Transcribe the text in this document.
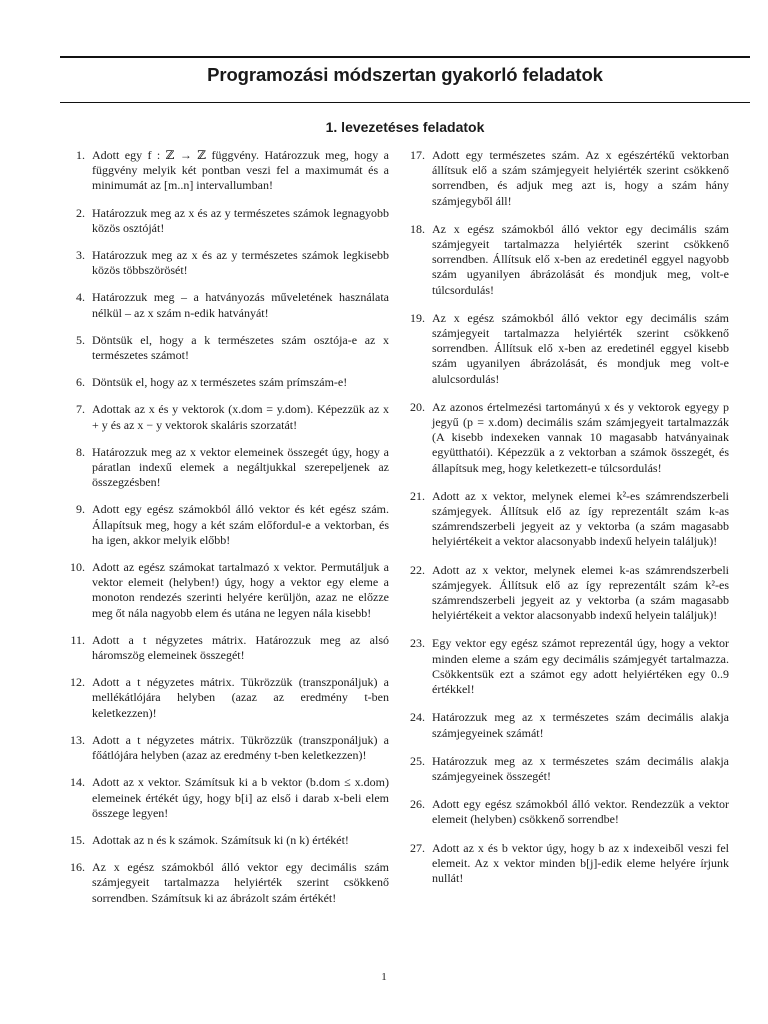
Programozási módszertan gyakorló feladatok
1. levezetéses feladatok
1. Adott egy f : ℤ → ℤ függvény. Határozzuk meg, hogy a függvény melyik két pontban veszi fel a maximumát és a minimumát az [m..n] intervallumban!
2. Határozzuk meg az x és az y természetes számok legnagyobb közös osztóját!
3. Határozzuk meg az x és az y természetes számok legkisebb közös többszörösét!
4. Határozzuk meg – a hatványozás műveletének használata nélkül – az x szám n-edik hatványát!
5. Döntsük el, hogy a k természetes szám osztója-e az x természetes számot!
6. Döntsük el, hogy az x természetes szám prímszám-e!
7. Adottak az x és y vektorok (x.dom = y.dom). Képezzük az x + y és az x − y vektorok skaláris szorzatát!
8. Határozzuk meg az x vektor elemeinek összegét úgy, hogy a páratlan indexű elemek a negáltjukkal szerepeljenek az összegzésben!
9. Adott egy egész számokból álló vektor és két egész szám. Állapítsuk meg, hogy a két szám előfordul-e a vektorban, és ha igen, akkor melyik előbb!
10. Adott az egész számokat tartalmazó x vektor. Permutáljuk a vektor elemeit (helyben!) úgy, hogy a vektor egy eleme a monoton rendezés szerinti helyére kerüljön, azaz ne előzze meg őt nála nagyobb elem és utána ne legyen nála kisebb!
11. Adott a t négyzetes mátrix. Határozzuk meg az alsó háromszög elemeinek összegét!
12. Adott a t négyzetes mátrix. Tükrözzük (transzponáljuk) a mellékátlójára helyben (azaz az eredmény t-ben keletkezzen)!
13. Adott a t négyzetes mátrix. Tükrözzük (transzponáljuk) a főátlójára helyben (azaz az eredmény t-ben keletkezzen)!
14. Adott az x vektor. Számítsuk ki a b vektor (b.dom ≤ x.dom) elemeinek értékét úgy, hogy b[i] az első i darab x-beli elem összege legyen!
15. Adottak az n és k számok. Számítsuk ki (n k) értékét!
16. Az x egész számokból álló vektor egy decimális szám számjegyeit tartalmazza helyiérték szerint csökkenő sorrendben. Számítsuk ki az ábrázolt szám értékét!
17. Adott egy természetes szám. Az x egészértékű vektorban állítsuk elő a szám számjegyeit helyiérték szerint csökkenő sorrendben, és adjuk meg azt is, hogy a szám hány számjegyből áll!
18. Az x egész számokból álló vektor egy decimális szám számjegyeit tartalmazza helyiérték szerint csökkenő sorrendben. Állítsuk elő x-ben az eredetinél eggyel nagyobb szám ugyanilyen ábrázolását és mondjuk meg, volt-e túlcsordulás!
19. Az x egész számokból álló vektor egy decimális szám számjegyeit tartalmazza helyiérték szerint csökkenő sorrendben. Állítsuk elő x-ben az eredetinél eggyel kisebb szám ugyanilyen ábrázolását, és mondjuk meg volt-e alulcsordulás!
20. Az azonos értelmezési tartományú x és y vektorok egyegy p jegyű (p = x.dom) decimális szám számjegyeit tartalmazzák (A kisebb indexeken vannak 10 magasabb hatványainak együtthatói). Képezzük a z vektorban a számok összegét, és állapítsuk meg, hogy keletkezett-e túlcsordulás!
21. Adott az x vektor, melynek elemei k²-es számrendszerbeli számjegyek. Állítsuk elő az így reprezentált szám k-as számrendszerbeli jegyeit az y vektorba (a szám magasabb helyiértékeit a vektor alacsonyabb indexű helyein találjuk)!
22. Adott az x vektor, melynek elemei k-as számrendszerbeli számjegyek. Állítsuk elő az így reprezentált szám k²-es számrendszerbeli jegyeit az y vektorba (a szám magasabb helyiértékeit a vektor alacsonyabb indexű helyein találjuk)!
23. Egy vektor egy egész számot reprezentál úgy, hogy a vektor minden eleme a szám egy decimális számjegyét tartalmazza. Csökkentsük ezt a számot egy adott helyiértéken egy 0..9 értékkel!
24. Határozzuk meg az x természetes szám decimális alakja számjegyeinek számát!
25. Határozzuk meg az x természetes szám decimális alakja számjegyeinek összegét!
26. Adott egy egész számokból álló vektor. Rendezzük a vektor elemeit (helyben) csökkenő sorrendbe!
27. Adott az x és b vektor úgy, hogy b az x indexeiből veszi fel elemeit. Az x vektor minden b[j]-edik eleme helyére írjunk nullát!
1
